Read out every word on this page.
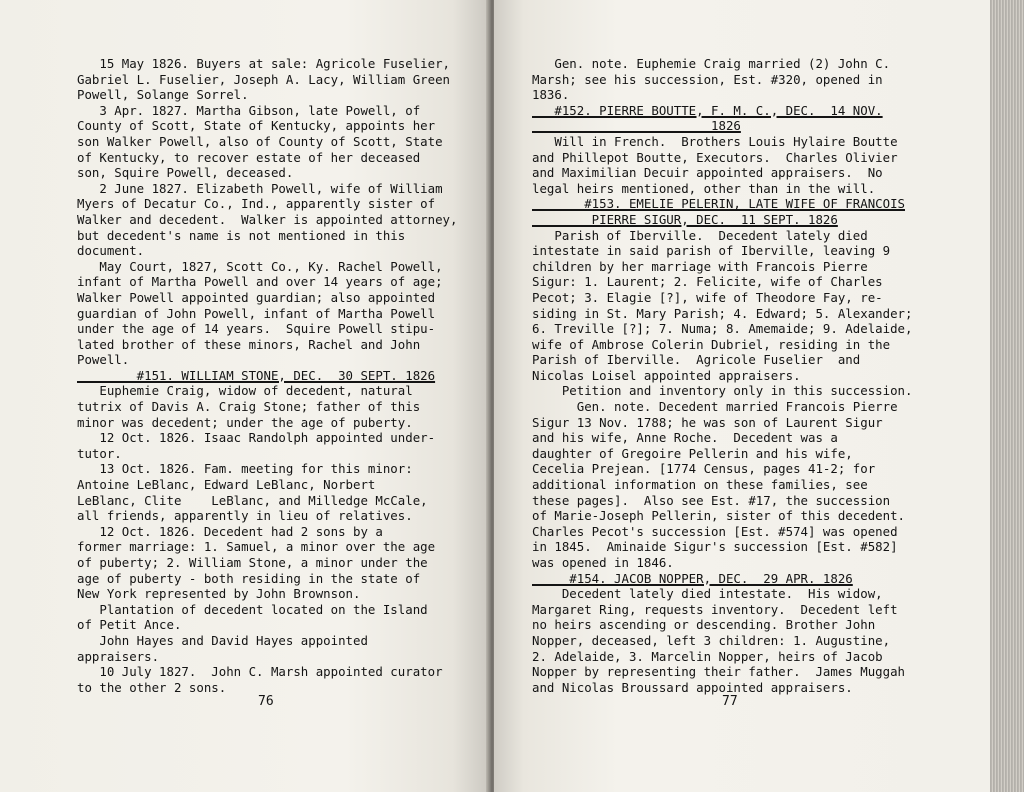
15 May 1826. Buyers at sale: Agricole Fuselier,
Gabriel L. Fuselier, Joseph A. Lacy, William Green
Powell, Solange Sorrel.
3 Apr. 1827. Martha Gibson, late Powell, of
County of Scott, State of Kentucky, appoints her
son Walker Powell, also of County of Scott, State
of Kentucky, to recover estate of her deceased
son, Squire Powell, deceased.
2 June 1827. Elizabeth Powell, wife of William
Myers of Decatur Co., Ind., apparently sister of
Walker and decedent.  Walker is appointed attorney,
but decedent's name is not mentioned in this
document.
May Court, 1827, Scott Co., Ky. Rachel Powell,
infant of Martha Powell and over 14 years of age;
Walker Powell appointed guardian; also appointed
guardian of John Powell, infant of Martha Powell
under the age of 14 years.  Squire Powell stipu-
lated brother of these minors, Rachel and John
Powell.
#151. WILLIAM STONE, DEC.  30 SEPT. 1826
Euphemie Craig, widow of decedent, natural
tutrix of Davis A. Craig Stone; father of this
minor was decedent; under the age of puberty.
12 Oct. 1826. Isaac Randolph appointed under-
tutor.
13 Oct. 1826. Fam. meeting for this minor:
Antoine LeBlanc, Edward LeBlanc, Norbert
LeBlanc, Clite    LeBlanc, and Milledge McCale,
all friends, apparently in lieu of relatives.
12 Oct. 1826. Decedent had 2 sons by a
former marriage: 1. Samuel, a minor over the age
of puberty; 2. William Stone, a minor under the
age of puberty - both residing in the state of
New York represented by John Brownson.
Plantation of decedent located on the Island
of Petit Ance.
John Hayes and David Hayes appointed
appraisers.
10 July 1827.  John C. Marsh appointed curator
to the other 2 sons.
76
Gen. note. Euphemie Craig married (2) John C.
Marsh; see his succession, Est. #320, opened in
1836.
#152. PIERRE BOUTTE, F. M. C., DEC.  14 NOV.
1826
Will in French.  Brothers Louis Hylaire Boutte
and Phillepot Boutte, Executors.  Charles Olivier
and Maximilian Decuir appointed appraisers.  No
legal heirs mentioned, other than in the will.
#153. EMELIE PELERIN, LATE WIFE OF FRANCOIS
PIERRE SIGUR, DEC.  11 SEPT. 1826
Parish of Iberville.  Decedent lately died
intestate in said parish of Iberville, leaving 9
children by her marriage with Francois Pierre
Sigur: 1. Laurent; 2. Felicite, wife of Charles
Pecot; 3. Elagie [?], wife of Theodore Fay, re-
siding in St. Mary Parish; 4. Edward; 5. Alexander;
6. Treville [?]; 7. Numa; 8. Amemaide; 9. Adelaide,
wife of Ambrose Colerin Dubriel, residing in the
Parish of Iberville.  Agricole Fuselier  and
Nicolas Loisel appointed appraisers.
Petition and inventory only in this succession.
Gen. note. Decedent married Francois Pierre
Sigur 13 Nov. 1788; he was son of Laurent Sigur
and his wife, Anne Roche.  Decedent was a
daughter of Gregoire Pellerin and his wife,
Cecelia Prejean. [1774 Census, pages 41-2; for
additional information on these families, see
these pages].  Also see Est. #17, the succession
of Marie-Joseph Pellerin, sister of this decedent.
Charles Pecot's succession [Est. #574] was opened
in 1845.  Aminaide Sigur's succession [Est. #582]
was opened in 1846.
#154. JACOB NOPPER, DEC.  29 APR. 1826
Decedent lately died intestate.  His widow,
Margaret Ring, requests inventory.  Decedent left
no heirs ascending or descending. Brother John
Nopper, deceased, left 3 children: 1. Augustine,
2. Adelaide, 3. Marcelin Nopper, heirs of Jacob
Nopper by representing their father.  James Muggah
and Nicolas Broussard appointed appraisers.
77
